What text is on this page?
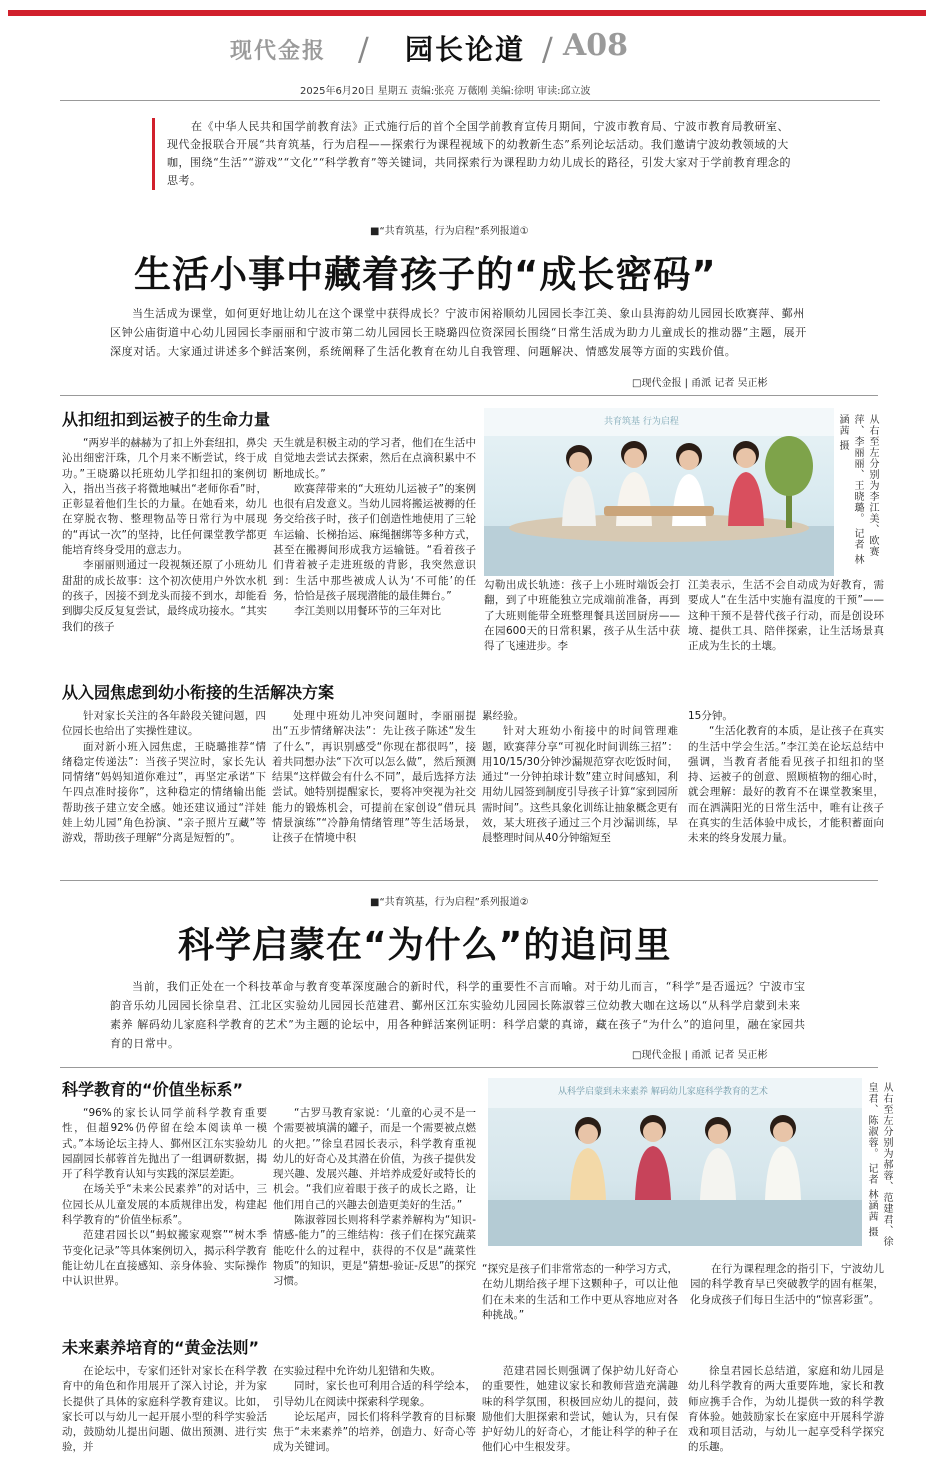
现代金报 / 园长论道 / A08
2025年6月20日 星期五 责编:张亮 万薇刚 美编:徐明 审读:邱立波
在《中华人民共和国学前教育法》正式施行后的首个全国学前教育宣传月期间，宁波市教育局、宁波市教育局教研室、现代金报联合开展“共育筑基，行为启程——探索行为课程视域下的幼教新生态”系列论坛活动。我们邀请宁波幼教领域的大咖，围绕“生活”“游戏”“文化”“科学教育”等关键词，共同探索行为课程助力幼儿成长的路径，引发大家对于学前教育理念的思考。
■“共育筑基，行为启程”系列报道①
生活小事中藏着孩子的“成长密码”
当生活成为课堂，如何更好地让幼儿在这个课堂中获得成长？宁波市闲裕顺幼儿园园长李江美、象山县海韵幼儿园园长欧赛萍、鄞州区钟公庙街道中心幼儿园园长李丽丽和宁波市第二幼儿园园长王晓璐四位资深园长围绕“日常生活成为助力儿童成长的推动器”主题，展开深度对话。大家通过讲述多个鲜活案例，系统阐释了生活化教育在幼儿自我管理、问题解决、情感发展等方面的实践价值。
□现代金报 | 甬派 记者 吴正彬
从扣纽扣到运被子的生命力量

“两岁半的赫赫为了扣上外套纽扣，鼻尖沁出细密汗珠，几个月来不断尝试，终于成功。”王晓璐以托班幼儿学扣纽扣的案例切入，指出当孩子将微地喊出“老师你看”时，正彰显着他们生长的力量。在她看来，幼儿在穿脱衣物、整理物品等日常行为中展现的“再试一次”的坚持，比任何课堂教学都更能培育终身受用的意志力。

李丽丽则通过一段视频还原了小班幼儿甜甜的成长故事：这个初次使用户外饮水机的孩子，因接不到龙头而接不到水，却能看到脚尖反反复复尝试，最终成功接水。“其实我们的孩子

天生就是积极主动的学习者，他们在生活中自觉地去尝试去探索，然后在点滴积累中不断地成长。”

欧赛萍带来的“大班幼儿运被子”的案例也很有启发意义。当幼儿园将搬运被褥的任务交给孩子时，孩子们创造性地使用了三轮车运输、长梯抬运、麻绳捆绑等多种方式，甚至在搬褥间形成我方运输链。“看着孩子们背着被子走进班级的背影，我突然意识到：生活中那些被成人认为‘不可能’的任务，恰恰是孩子展现潜能的最佳舞台。”

李江美则以用餐环节的三年对比

共育筑基 行为启程	从右至左分别为李江美、欧赛萍、李丽丽、王晓璐。 记者 林涵茜 摄

勾勒出成长轨迹：孩子上小班时端饭会打翻，到了中班能独立完成端前准备，再到了大班则能带全班整理餐具送回厨房——在园600天的日常积累，孩子从生活中获得了飞速进步。李

江美表示，生活不会自动成为好教育，需要成人“在生活中实施有温度的干预”——这种干预不是替代孩子行动，而是创设环境、提供工具、陪伴探索，让生活场景真正成为生长的土壤。

从入园焦虑到幼小衔接的生活解决方案

针对家长关注的各年龄段关键问题，四位园长也给出了实操性建议。

面对新小班入园焦虑，王晓璐推荐“情绪稳定传递法”：当孩子哭泣时，家长先认同情绪“妈妈知道你难过”，再坚定承诺“下午四点准时接你”，这种稳定的情绪输出能帮助孩子建立安全感。她还建议通过“洋娃娃上幼儿园”角色扮演、“亲子照片互藏”等游戏，帮助孩子理解“分离是短暂的”。

处理中班幼儿冲突问题时，李丽丽提出“五步情绪解决法”：先让孩子陈述“发生了什么”，再识别感受“你现在都很吗”，接着共同想办法“下次可以怎么做”，然后预测结果“这样做会有什么不同”，最后选择方法尝试。她特别提醒家长，要将冲突视为社交能力的锻炼机会，可提前在家创设“借玩具情景演练”“冷静角情绪管理”等生活场景，让孩子在情境中积

累经验。

针对大班幼小衔接中的时间管理难题，欧赛萍分享“可视化时间训练三招”：用10/15/30分钟沙漏规范穿衣吃饭时间，通过“一分钟拍球计数”建立时间感知，利用幼儿园签到制度引导孩子计算“家到园所需时间”。这些具象化训练让抽象概念更有效，某大班孩子通过三个月沙漏训练，早晨整理时间从40分钟缩短至

15分钟。

“生活化教育的本质，是让孩子在真实的生活中学会生活。”李江美在论坛总结中强调，当教育者能看见孩子扣纽扣的坚持、运被子的创意、照顾植物的细心时，就会理解：最好的教育不在课堂教案里，而在洒满阳光的日常生活中，唯有让孩子在真实的生活体验中成长，才能积蓄面向未来的终身发展力量。

■“共育筑基，行为启程”系列报道②
科学启蒙在“为什么”的追问里
当前，我们正处在一个科技革命与教育变革深度融合的新时代，科学的重要性不言而喻。对于幼儿而言，“科学”是否遥远？宁波市宝韵音乐幼儿园园长徐皇君、江北区实验幼儿园园长范建君、鄞州区江东实验幼儿园园长陈淑蓉三位幼教大咖在这场以“从科学启蒙到未来素养 解码幼儿家庭科学教育的艺术”为主题的论坛中，用各种鲜活案例证明：科学启蒙的真谛，藏在孩子“为什么”的追问里，融在家园共育的日常中。
□现代金报 | 甬派 记者 吴正彬
科学教育的“价值坐标系”

“96%的家长认同学前科学教育重要性，但超92%仍停留在绘本阅读单一模式。”本场论坛主持人、鄞州区江东实验幼儿园副园长郝蓉首先抛出了一组调研数据，揭开了科学教育认知与实践的深层差距。

在场关乎“未来公民素养”的对话中，三位园长从儿童发展的本质规律出发，构建起科学教育的“价值坐标系”。

范建君园长以“蚂蚁搬家观察”“树木季节变化记录”等具体案例切入，揭示科学教育能让幼儿在直接感知、亲身体验、实际操作中认识世界。

“古罗马教育家说：‘儿童的心灵不是一个需要被填满的罐子，而是一个需要被点燃的火把。’”徐皇君园长表示，科学教育重视幼儿的好奇心及其潜在价值，为孩子提供发现兴趣、发展兴趣、并培养成爱好或特长的机会。“我们应着眼于孩子的成长之路，让他们用自己的兴趣去创造更美好的生活。”

陈淑蓉园长则将科学素养解构为“知识-情感-能力”的三维结构：孩子们在探究蔬菜能吃什么的过程中，获得的不仅是“蔬菜性物质”的知识，更是“猜想-验证-反思”的探究习惯。

从科学启蒙到未来素养 解码幼儿家庭科学教育的艺术	从右至左分别为郝蓉、范建君、徐皇君、陈淑蓉。 记者 林涵茜 摄

“探究是孩子们非常常态的一种学习方式，在幼儿期给孩子埋下这颗种子，可以让他们在未来的生活和工作中更从容地应对各种挑战。”

在行为课程理念的指引下，宁波幼儿园的科学教育早已突破教学的固有框架，化身成孩子们每日生活中的“惊喜彩蛋”。

未来素养培育的“黄金法则”

在论坛中，专家们还针对家长在科学教育中的角色和作用展开了深入讨论，并为家长提供了具体的家庭科学教育建议。比如，家长可以与幼儿一起开展小型的科学实验活动，鼓励幼儿提出问题、做出预测、进行实验，并

在实验过程中允许幼儿犯错和失败。

同时，家长也可利用合适的科学绘本，引导幼儿在阅读中探索科学现象。

论坛尾声，园长们将科学教育的目标聚焦于“未来素养”的培养，创造力、好奇心等成为关键词。

范建君园长则强调了保护幼儿好奇心的重要性，她建议家长和教师营造充满趣味的科学氛围，积极回应幼儿的提问，鼓励他们大胆探索和尝试，她认为，只有保护好幼儿的好奇心，才能让科学的种子在他们心中生根发芽。

徐皇君园长总结道，家庭和幼儿园是幼儿科学教育的两大重要阵地，家长和教师应携手合作，为幼儿提供一致的科学教育体验。她鼓励家长在家庭中开展科学游戏和项目活动，与幼儿一起享受科学探究的乐趣。
